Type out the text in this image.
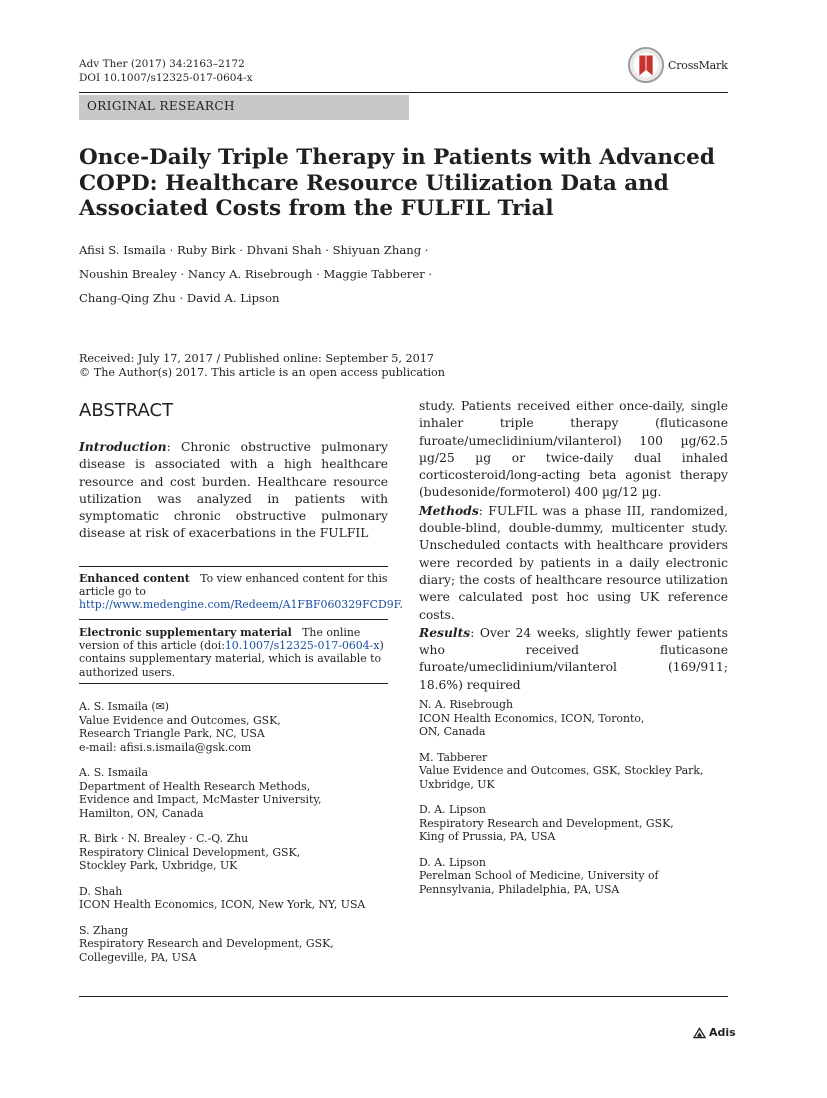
Adv Ther (2017) 34:2163–2172
DOI 10.1007/s12325-017-0604-x
CrossMark
ORIGINAL RESEARCH
Once-Daily Triple Therapy in Patients with Advanced COPD: Healthcare Resource Utilization Data and Associated Costs from the FULFIL Trial
Afisi S. Ismaila · Ruby Birk · Dhvani Shah · Shiyuan Zhang ·
Noushin Brealey · Nancy A. Risebrough · Maggie Tabberer ·
Chang-Qing Zhu · David A. Lipson
Received: July 17, 2017 / Published online: September 5, 2017
© The Author(s) 2017. This article is an open access publication
ABSTRACT

Introduction: Chronic obstructive pulmonary disease is associated with a high healthcare resource and cost burden. Healthcare resource utilization was analyzed in patients with symptomatic chronic obstructive pulmonary disease at risk of exacerbations in the FULFIL

study. Patients received either once-daily, single inhaler triple therapy (fluticasone furoate/umeclidinium/vilanterol) 100 µg/62.5 µg/25 µg or twice-daily dual inhaled corticosteroid/long-acting beta agonist therapy (budesonide/formoterol) 400 µg/12 µg.

Methods: FULFIL was a phase III, randomized, double-blind, double-dummy, multicenter study. Unscheduled contacts with healthcare providers were recorded by patients in a daily electronic diary; the costs of healthcare resource utilization were calculated post hoc using UK reference costs.

Results: Over 24 weeks, slightly fewer patients who received fluticasone furoate/umeclidinium/vilanterol (169/911; 18.6%) required

Enhanced content To view enhanced content for this article go to http://www.medengine.com/Redeem/A1FBF060329FCD9F.
Electronic supplementary material The online version of this article (doi:10.1007/s12325-017-0604-x) contains supplementary material, which is available to authorized users.
A. S. Ismaila (✉)
Value Evidence and Outcomes, GSK,
Research Triangle Park, NC, USA
e-mail: afisi.s.ismaila@gsk.com
A. S. Ismaila
Department of Health Research Methods,
Evidence and Impact, McMaster University,
Hamilton, ON, Canada
R. Birk · N. Brealey · C.-Q. Zhu
Respiratory Clinical Development, GSK,
Stockley Park, Uxbridge, UK
D. Shah
ICON Health Economics, ICON, New York, NY, USA
S. Zhang
Respiratory Research and Development, GSK,
Collegeville, PA, USA
N. A. Risebrough
ICON Health Economics, ICON, Toronto,
ON, Canada
M. Tabberer
Value Evidence and Outcomes, GSK, Stockley Park,
Uxbridge, UK
D. A. Lipson
Respiratory Research and Development, GSK,
King of Prussia, PA, USA
D. A. Lipson
Perelman School of Medicine, University of
Pennsylvania, Philadelphia, PA, USA
Adis
